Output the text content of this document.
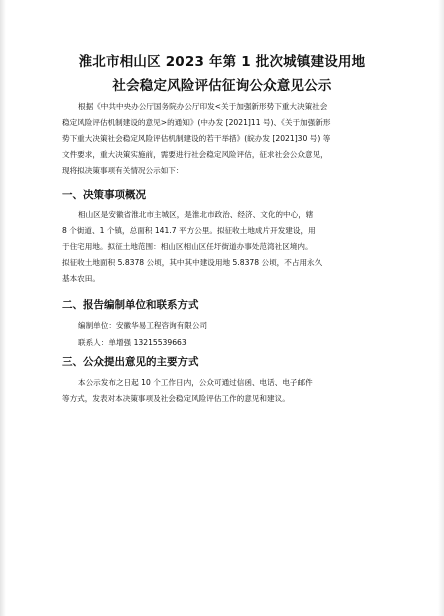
淮北市相山区 2023 年第 1 批次城镇建设用地
社会稳定风险评估征询公众意见公示
根据《中共中央办公厅国务院办公厅印发<关于加强新形势下重大决策社会
稳定风险评估机制建设的意见>的通知》(中办发 [2021]11 号)、《关于加强新形
势下重大决策社会稳定风险评估机制建设的若干举措》(皖办发 [2021]30 号) 等
文件要求，重大决策实施前，需要进行社会稳定风险评估，征求社会公众意见，
现将拟决策事项有关情况公示如下：
一、决策事项概况
相山区是安徽省淮北市主城区，是淮北市政治、经济、文化的中心，辖
8 个街道、1 个镇，总面积 141.7 平方公里。拟征收土地成片开发建设，用
于住宅用地。拟征土地范围：相山区相山区任圩街道办事处范湾社区境内。
拟征收土地面积 5.8378 公顷，其中其中建设用地 5.8378 公顷，不占用永久
基本农田。
二、报告编制单位和联系方式
编制单位：安徽华易工程咨询有限公司
联系人：单增强 13215539663
三、公众提出意见的主要方式
本公示发布之日起 10 个工作日内，公众可通过信函、电话、电子邮件
等方式，发表对本决策事项及社会稳定风险评估工作的意见和建议。
